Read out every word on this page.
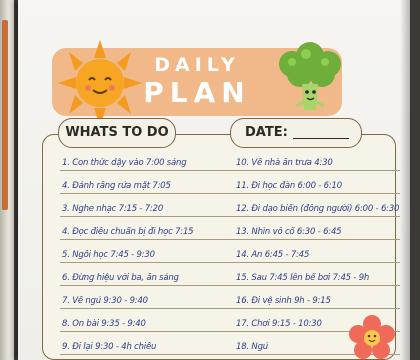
DAILY
PLAN
WHATS TO DO	DATE:
1. Con thức dậy vào 7:00 sáng	10. Về nhà ăn trưa 4:30
4. Đánh răng rửa mặt 7:05	11. Đi học đàn 6:00 - 6:10
3. Nghe nhạc 7:15 - 7:20	12. Đi dạo biển (đông người) 6:00 - 6:30
4. Đọc điều chuẩn bị đi học 7:15	13. Nhìn vô cổ 6:30 - 6:45
5. Ngồi học 7:45 - 9:30	14. Ăn 6:45 - 7:45
6. Đừng hiệu với ba, ăn sáng	15. Sau 7:45 lên bể bơi 7:45 - 9h
7. Về ngủ 9:30 - 9:40	16. Đi vệ sinh 9h - 9:15
8. Ôn bài 9:35 - 9:40	17. Chơi 9:15 - 10:30
9. Đi lại 9:30 - 4h chiều	18. Ngủ
